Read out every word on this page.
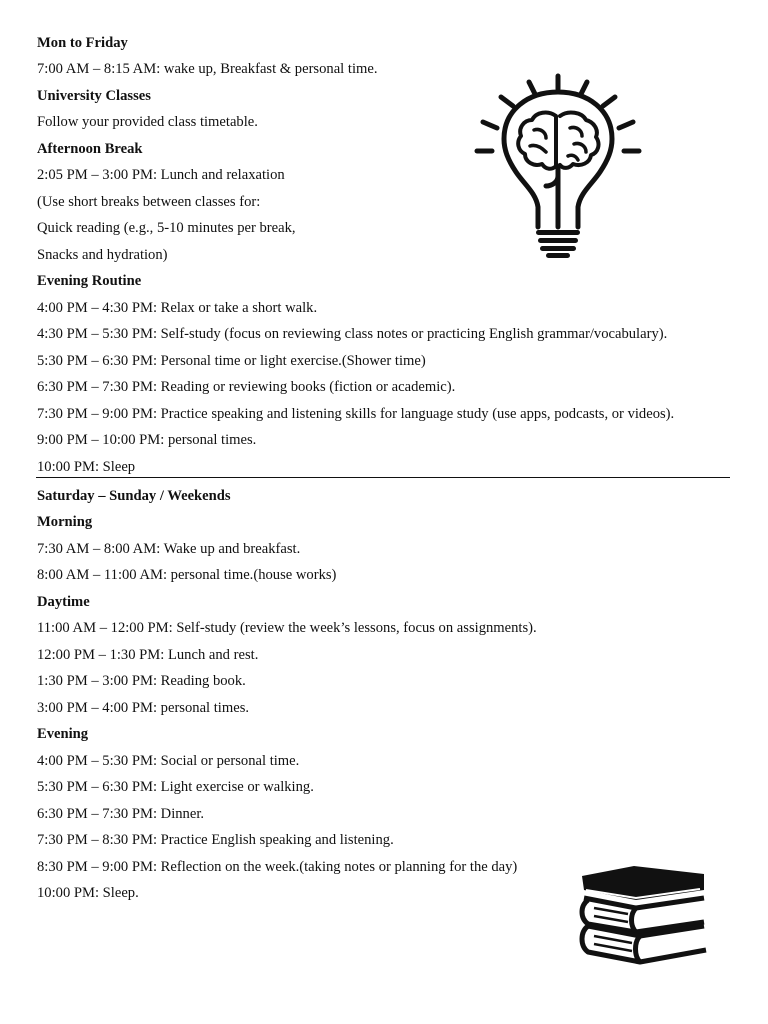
Mon to Friday
7:00 AM – 8:15 AM: wake up, Breakfast & personal time.
University Classes
Follow your provided class timetable.
Afternoon Break
2:05 PM – 3:00 PM: Lunch and relaxation
(Use short breaks between classes for:
Quick reading (e.g., 5-10 minutes per break,
Snacks and hydration)
Evening Routine
4:00 PM – 4:30 PM: Relax or take a short walk.
4:30 PM – 5:30 PM: Self-study (focus on reviewing class notes or practicing English grammar/vocabulary).
5:30 PM – 6:30 PM: Personal time or light exercise.(Shower time)
6:30 PM – 7:30 PM: Reading or reviewing books (fiction or academic).
7:30 PM – 9:00 PM: Practice speaking and listening skills for language study (use apps, podcasts, or videos).
9:00 PM – 10:00 PM: personal times.
10:00 PM: Sleep
Saturday – Sunday / Weekends
Morning
7:30 AM – 8:00 AM: Wake up and breakfast.
8:00 AM – 11:00 AM: personal time.(house works)
Daytime
11:00 AM – 12:00 PM: Self-study (review the week’s lessons, focus on assignments).
12:00 PM – 1:30 PM: Lunch and rest.
1:30 PM – 3:00 PM: Reading book.
3:00 PM – 4:00 PM: personal times.
Evening
4:00 PM – 5:30 PM: Social or personal time.
5:30 PM – 6:30 PM: Light exercise or walking.
6:30 PM – 7:30 PM: Dinner.
7:30 PM – 8:30 PM: Practice English speaking and listening.
8:30 PM – 9:00 PM: Reflection on the week.(taking notes or planning for the day)
10:00 PM: Sleep.
